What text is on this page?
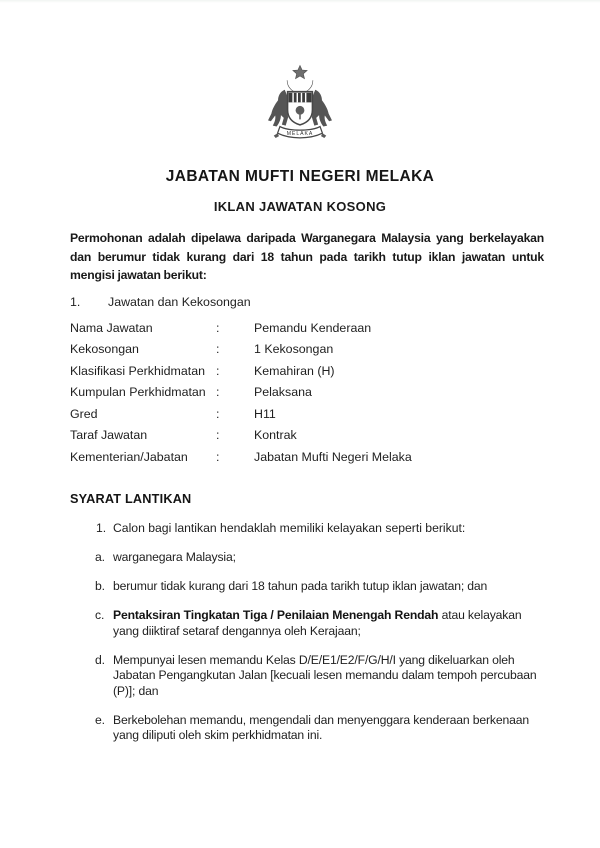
MELAKA
JABATAN MUFTI NEGERI MELAKA
IKLAN JAWATAN KOSONG

Permohonan adalah dipelawa daripada Warganegara Malaysia yang berkelayakan dan berumur tidak kurang dari 18 tahun pada tarikh tutup iklan jawatan untuk mengisi jawatan berikut:

1.	Jawatan dan Kekosongan
Nama Jawatan	:	Pemandu Kenderaan
Kekosongan	:	1 Kekosongan
Klasifikasi Perkhidmatan :	Kemahiran (H)
Kumpulan Perkhidmatan :	Pelaksana
Gred	:	H11
Taraf Jawatan	:	Kontrak
Kementerian/Jabatan	:	Jabatan Mufti Negeri Melaka
SYARAT LANTIKAN
1. Calon bagi lantikan hendaklah memiliki kelayakan seperti berikut:
a. warganegara Malaysia;
b. berumur tidak kurang dari 18 tahun pada tarikh tutup iklan jawatan; dan
c. Pentaksiran Tingkatan Tiga / Penilaian Menengah Rendah atau kelayakan yang diiktiraf setaraf dengannya oleh Kerajaan;
d. Mempunyai lesen memandu Kelas D/E/E1/E2/F/G/H/I yang dikeluarkan oleh Jabatan Pengangkutan Jalan [kecuali lesen memandu dalam tempoh percubaan (P)]; dan
e. Berkebolehan memandu, mengendali dan menyenggara kenderaan berkenaan yang diliputi oleh skim perkhidmatan ini.
